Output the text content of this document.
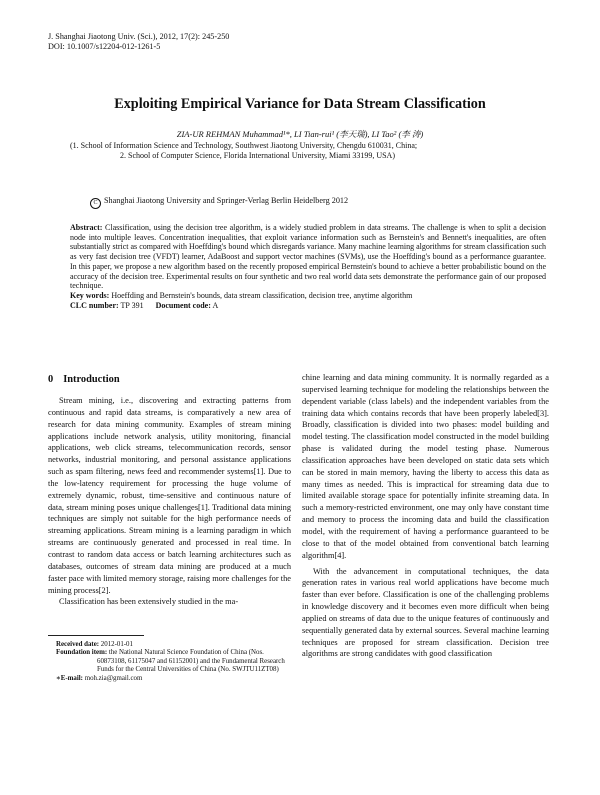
J. Shanghai Jiaotong Univ. (Sci.), 2012, 17(2): 245-250
DOI: 10.1007/s12204-012-1261-5
Exploiting Empirical Variance for Data Stream Classification
ZIA-UR REHMAN Muhammad¹*, LI Tian-rui¹ (李天瑞), LI Tao² (李 涛)
(1. School of Information Science and Technology, Southwest Jiaotong University, Chengdu 610031, China;
2. School of Computer Science, Florida International University, Miami 33199, USA)
C Shanghai Jiaotong University and Springer-Verlag Berlin Heidelberg 2012
Abstract: Classification, using the decision tree algorithm, is a widely studied problem in data streams. The challenge is when to split a decision node into multiple leaves. Concentration inequalities, that exploit variance information such as Bernstein's and Bennett's inequalities, are often substantially strict as compared with Hoeffding's bound which disregards variance. Many machine learning algorithms for stream classification such as very fast decision tree (VFDT) learner, AdaBoost and support vector machines (SVMs), use the Hoeffding's bound as a performance guarantee. In this paper, we propose a new algorithm based on the recently proposed empirical Bernstein's bound to achieve a better probabilistic bound on the accuracy of the decision tree. Experimental results on four synthetic and two real world data sets demonstrate the performance gain of our proposed technique.
Key words: Hoeffding and Bernstein's bounds, data stream classification, decision tree, anytime algorithm
CLC number: TP 391 Document code: A
0 Introduction

Stream mining, i.e., discovering and extracting patterns from continuous and rapid data streams, is comparatively a new area of research for data mining community. Examples of stream mining applications include network analysis, utility monitoring, financial applications, web click streams, telecommunication records, sensor networks, industrial monitoring, and personal assistance applications such as spam filtering, news feed and recommender systems[1]. Due to the low-latency requirement for processing the huge volume of extremely dynamic, robust, time-sensitive and continuous nature of data, stream mining poses unique challenges[1]. Traditional data mining techniques are simply not suitable for the high performance needs of streaming applications. Stream mining is a learning paradigm in which streams are continuously generated and processed in real time. In contrast to random data access or batch learning architectures such as databases, outcomes of stream data mining are produced at a much faster pace with limited memory storage, raising more challenges for the mining process[2].

Classification has been extensively studied in the ma-

chine learning and data mining community. It is normally regarded as a supervised learning technique for modeling the relationships between the dependent variable (class labels) and the independent variables from the training data which contains records that have been properly labeled[3]. Broadly, classification is divided into two phases: model building and model testing. The classification model constructed in the model building phase is validated during the model testing phase. Numerous classification approaches have been developed on static data sets which can be stored in main memory, having the liberty to access this data as many times as needed. This is impractical for streaming data due to limited available storage space for potentially infinite streaming data. In such a memory-restricted environment, one may only have constant time and memory to process the incoming data and build the classification model, with the requirement of having a performance guaranteed to be close to that of the model obtained from conventional batch learning algorithm[4].

With the advancement in computational techniques, the data generation rates in various real world applications have become much faster than ever before. Classification is one of the challenging problems in knowledge discovery and it becomes even more difficult when being applied on streams of data due to the unique features of continuously and sequentially generated data by external sources. Several machine learning techniques are proposed for stream classification. Decision tree algorithms are strong candidates with good classification

Received date: 2012-01-01
Foundation item: the National Natural Science Foundation of China (Nos. 60873108, 61175047 and 61152001) and the Fundamental Research Funds for the Central Universities of China (No. SWJTU11ZT08)
∗E-mail: moh.zia@gmail.com
